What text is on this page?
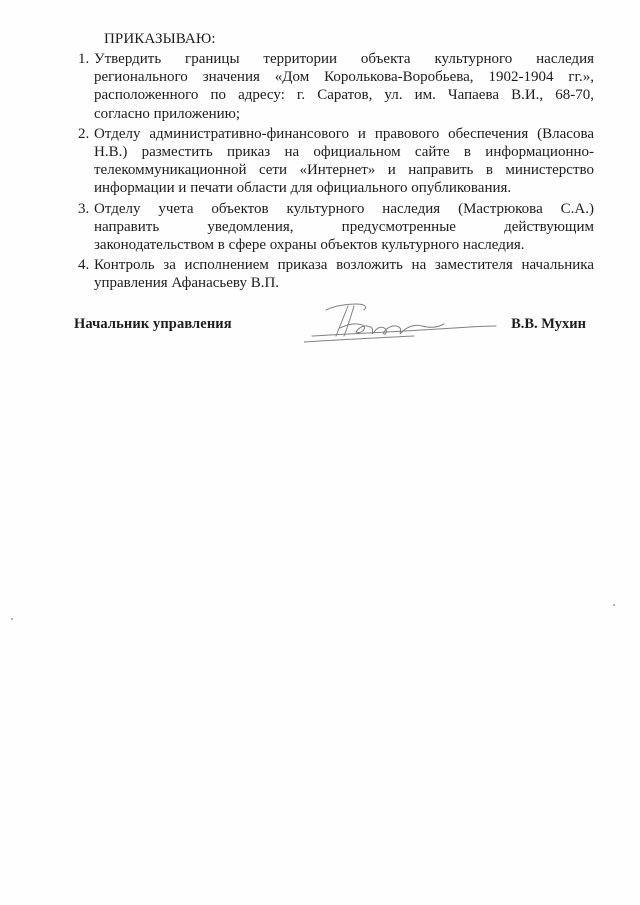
ПРИКАЗЫВАЮ:
1. Утвердить границы территории объекта культурного наследия
регионального значения «Дом Королькова-Воробьева, 1902-1904 гг.»,
расположенного по адресу: г. Саратов, ул. им. Чапаева В.И., 68-70,
согласно приложению;
2. Отделу административно-финансового и правового обеспечения (Власова
Н.В.) разместить приказ на официальном сайте в информационно-
телекоммуникационной сети «Интернет» и направить в министерство
информации и печати области для официального опубликования.
3. Отделу учета объектов культурного наследия (Мастрюкова С.А.)
направить уведомления, предусмотренные действующим
законодательством в сфере охраны объектов культурного наследия.
4. Контроль за исполнением приказа возложить на заместителя начальника
управления Афанасьеву В.П.
Начальник управления	В.В. Мухин
